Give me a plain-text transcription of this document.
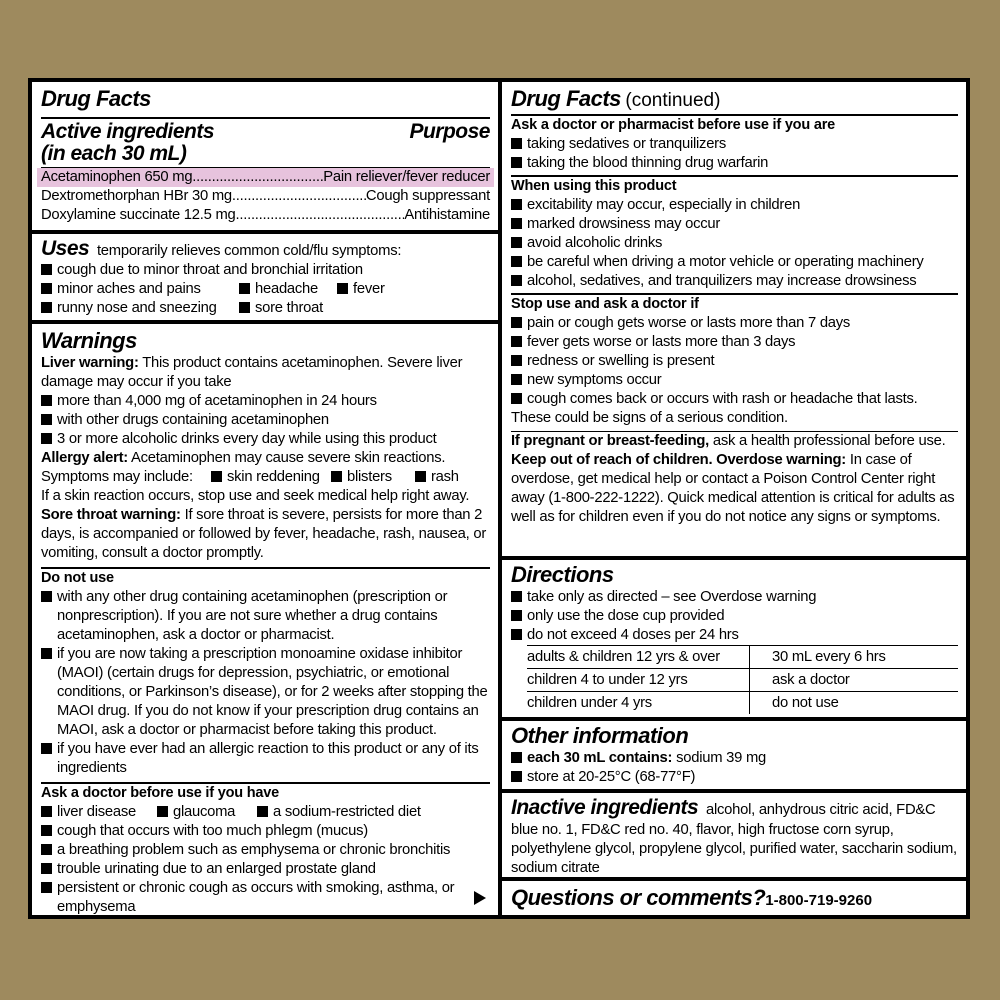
Drug Facts
Active ingredients
(in each 30 mL)
Purpose
Acetaminophen 650 mg .....	Pain reliever/fever reducer
Dextromethorphan HBr 30 mg .....	Cough suppressant
Doxylamine succinate 12.5 mg .....	Antihistamine
Uses temporarily relieves common cold/flu symptoms:
cough due to minor throat and bronchial irritation
minor aches and pains	headache fever
runny nose and sneezing	sore throat
Warnings
Liver warning: This product contains acetaminophen. Severe liver damage may occur if you take
more than 4,000 mg of acetaminophen in 24 hours
with other drugs containing acetaminophen
3 or more alcoholic drinks every day while using this product
Allergy alert: Acetaminophen may cause severe skin reactions.
Symptoms may include: skin reddening blisters	rash
If a skin reaction occurs, stop use and seek medical help right away.
Sore throat warning: If sore throat is severe, persists for more than 2 days, is accompanied or followed by fever, headache, rash, nausea, or vomiting, consult a doctor promptly.
Do not use
with any other drug containing acetaminophen (prescription or nonprescription). If you are not sure whether a drug contains acetaminophen, ask a doctor or pharmacist.
if you are now taking a prescription monoamine oxidase inhibitor (MAOI) (certain drugs for depression, psychiatric, or emotional conditions, or Parkinson’s disease), or for 2 weeks after stopping the MAOI drug. If you do not know if your prescription drug contains an MAOI, ask a doctor or pharmacist before taking this product.
if you have ever had an allergic reaction to this product or any of its ingredients
Ask a doctor before use if you have
liver disease	glaucoma	a sodium-restricted diet
cough that occurs with too much phlegm (mucus)
a breathing problem such as emphysema or chronic bronchitis
trouble urinating due to an enlarged prostate gland
persistent or chronic cough as occurs with smoking, asthma, or emphysema
Drug Facts (continued)
Ask a doctor or pharmacist before use if you are
taking sedatives or tranquilizers
taking the blood thinning drug warfarin
When using this product
excitability may occur, especially in children
marked drowsiness may occur
avoid alcoholic drinks
be careful when driving a motor vehicle or operating machinery
alcohol, sedatives, and tranquilizers may increase drowsiness
Stop use and ask a doctor if
pain or cough gets worse or lasts more than 7 days
fever gets worse or lasts more than 3 days
redness or swelling is present
new symptoms occur
cough comes back or occurs with rash or headache that lasts.
These could be signs of a serious condition.
If pregnant or breast-feeding, ask a health professional before use.
Keep out of reach of children. Overdose warning: In case of overdose, get medical help or contact a Poison Control Center right away (1-800-222-1222). Quick medical attention is critical for adults as well as for children even if you do not notice any signs or symptoms.
Directions
take only as directed – see Overdose warning
only use the dose cup provided
do not exceed 4 doses per 24 hrs
adults & children 12 yrs & over	30 mL every 6 hrs
children 4 to under 12 yrs	ask a doctor
children under 4 yrs	do not use
Other information
each 30 mL contains: sodium 39 mg
store at 20-25°C (68-77°F)
Inactive ingredients alcohol, anhydrous citric acid, FD&C blue no. 1, FD&C red no. 40, flavor, high fructose corn syrup, polyethylene glycol, propylene glycol, purified water, saccharin sodium, sodium citrate
Questions or comments?1-800-719-9260
